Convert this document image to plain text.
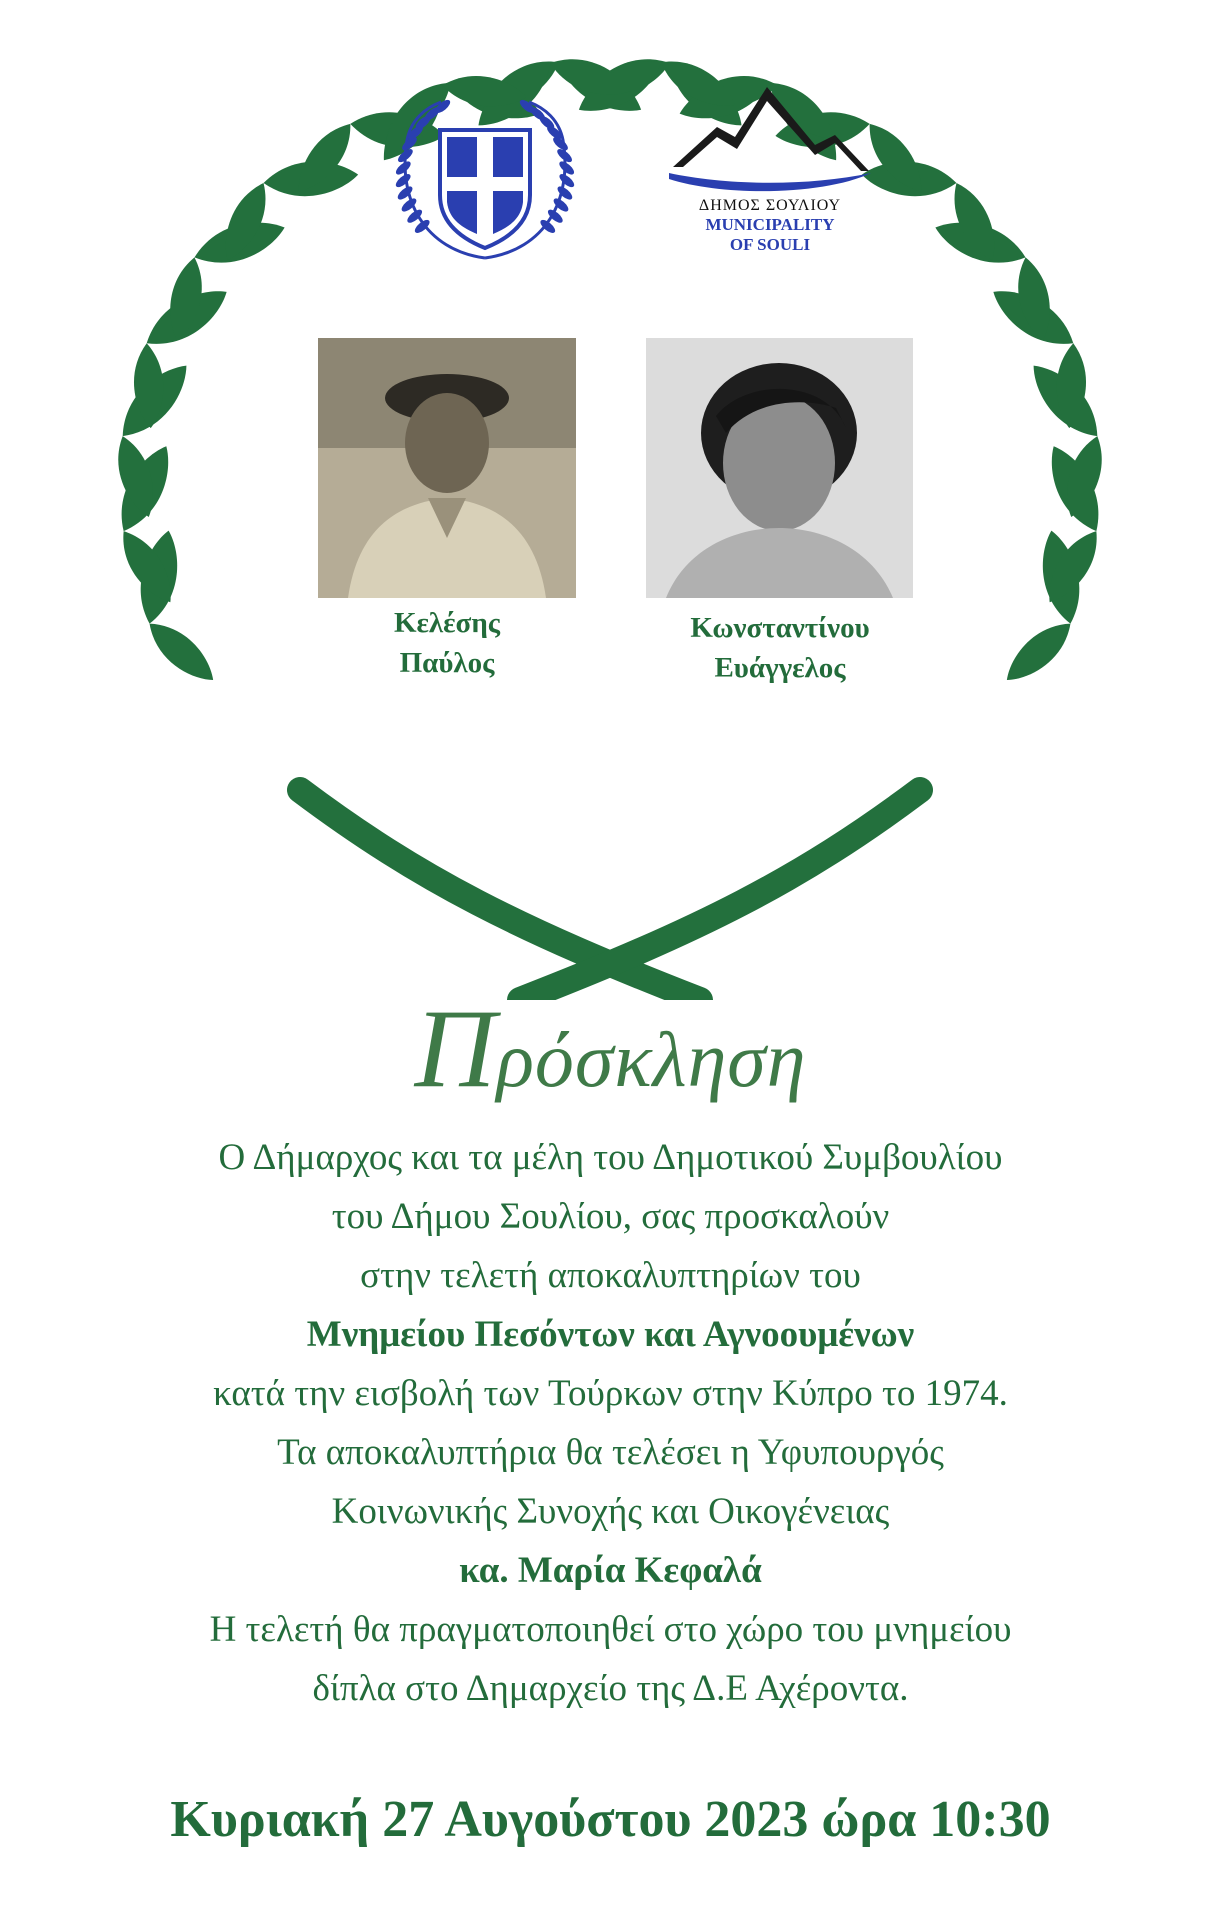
ΔΗΜΟΣ ΣΟΥΛΙΟΥ
MUNICIPALITY
OF SOULI
Κελέσης
Παύλος
Κωνσταντίνου
Ευάγγελος
Πρόσκληση
Ο Δήμαρχος και τα μέλη του Δημοτικού Συμβουλίου
του Δήμου Σουλίου, σας προσκαλούν
στην τελετή αποκαλυπτηρίων του
Μνημείου Πεσόντων και Αγνοουμένων
κατά την εισβολή των Τούρκων στην Κύπρο το 1974.
Τα αποκαλυπτήρια θα τελέσει η Υφυπουργός
Κοινωνικής Συνοχής και Οικογένειας
κα. Μαρία Κεφαλά
Η τελετή θα πραγματοποιηθεί στο χώρο του μνημείου
δίπλα στο Δημαρχείο της Δ.Ε Αχέροντα.
Κυριακή 27 Αυγούστου 2023 ώρα 10:30
